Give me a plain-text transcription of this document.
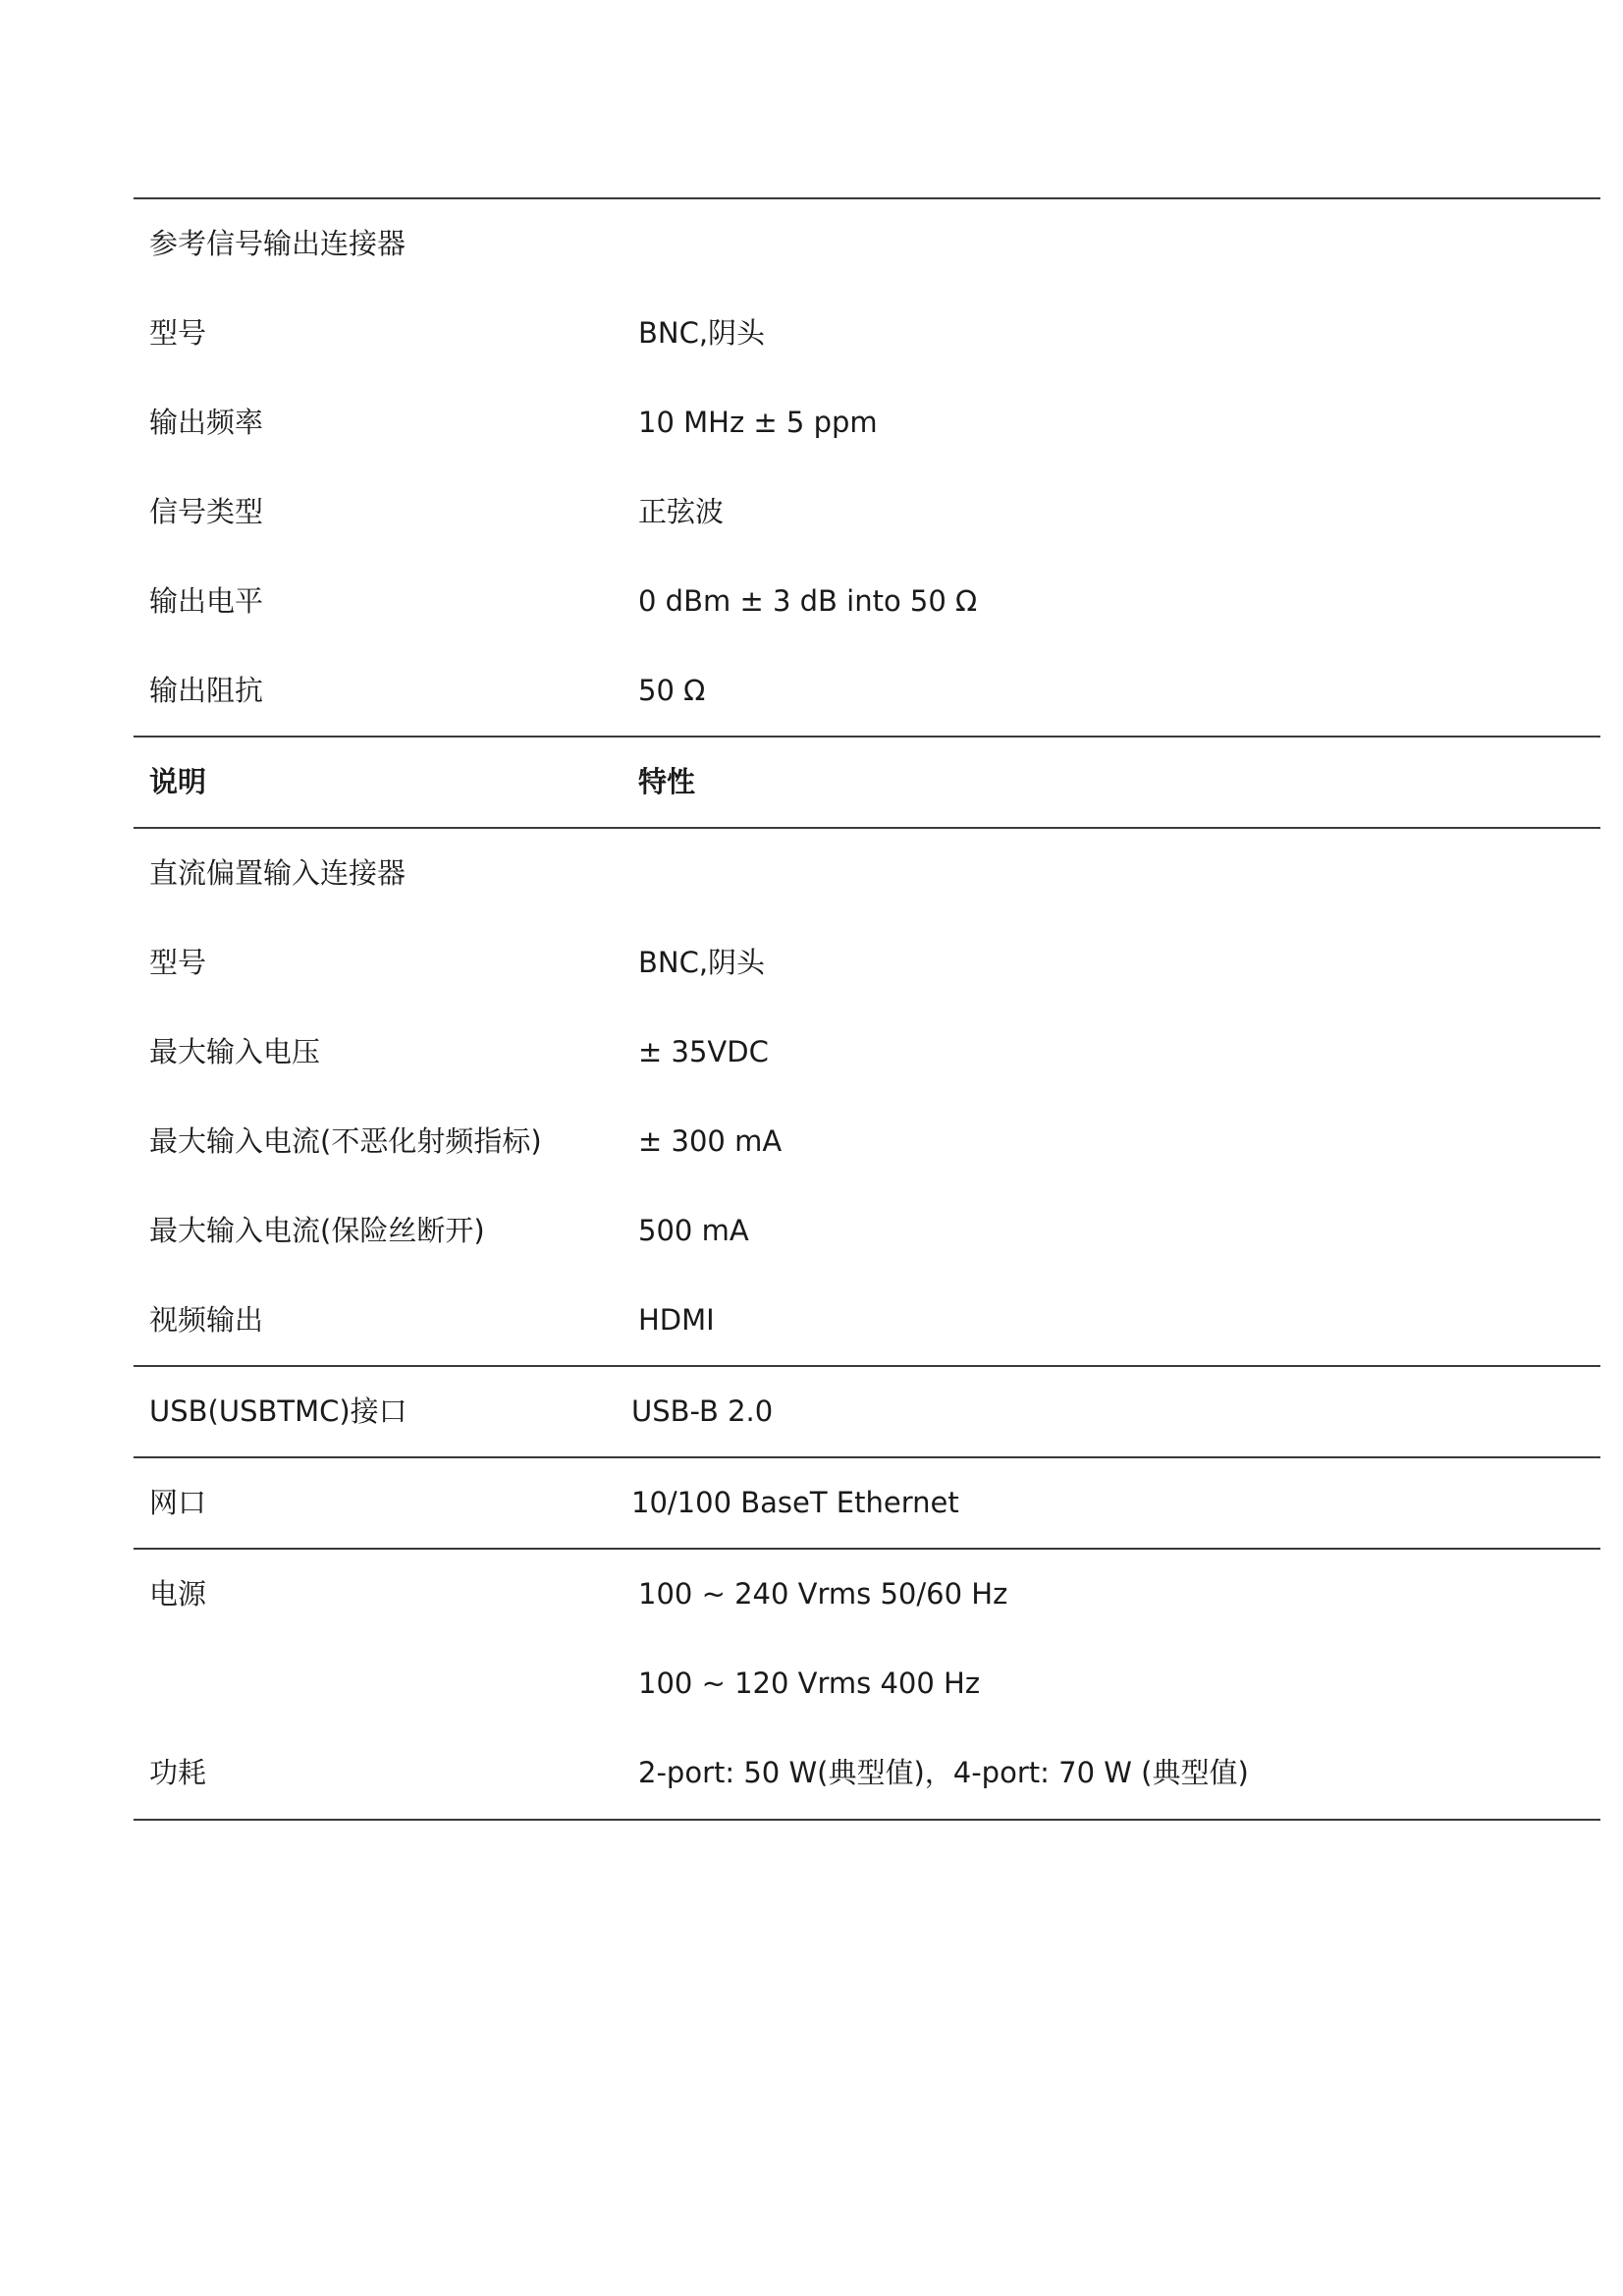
参考信号输出连接器
型号	BNC,阴头
输出频率	10 MHz ± 5 ppm
信号类型	正弦波
输出电平	0 dBm ± 3 dB into 50 Ω
输出阻抗	50 Ω
说明	特性
直流偏置输入连接器
型号	BNC,阴头
最大输入电压	± 35VDC
最大输入电流(不恶化射频指标)	± 300 mA
最大输入电流(保险丝断开)	500 mA
视频输出	HDMI
USB(USBTMC)接口	USB-B 2.0
网口	10/100 BaseT Ethernet
电源	100 ~ 240 Vrms 50/60 Hz
100 ~ 120 Vrms 400 Hz
功耗	2-port: 50 W(典型值)，4-port: 70 W (典型值)
